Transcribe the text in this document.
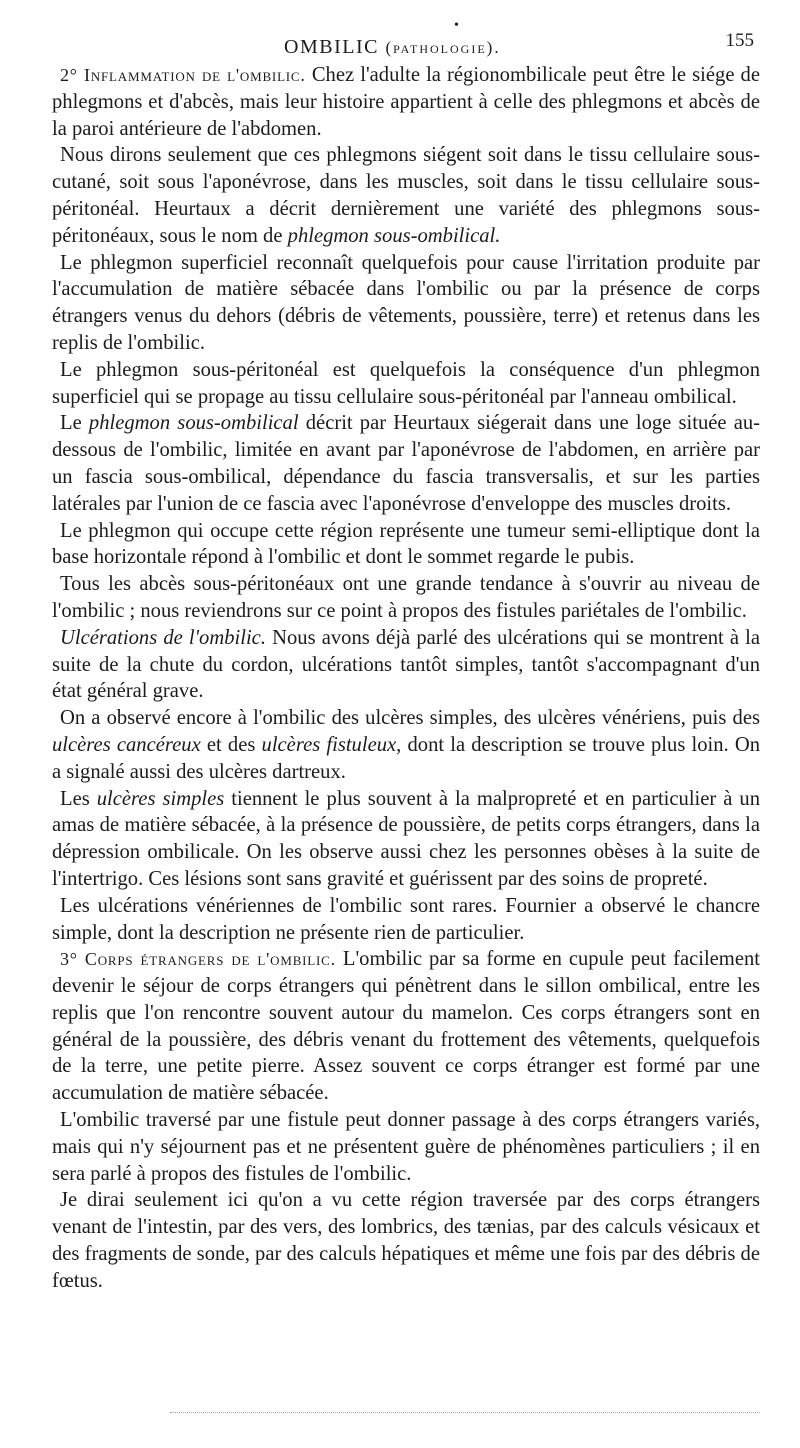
•
OMBILIC (pathologie).	155

2° Inflammation de l'ombilic. Chez l'adulte la régionombilicale peut être le siége de phlegmons et d'abcès, mais leur histoire appartient à celle des phlegmons et abcès de la paroi antérieure de l'abdomen.

Nous dirons seulement que ces phlegmons siégent soit dans le tissu cellulaire sous-cutané, soit sous l'aponévrose, dans les muscles, soit dans le tissu cellulaire sous-péritonéal. Heurtaux a décrit dernièrement une variété des phlegmons sous-péritonéaux, sous le nom de phlegmon sous-ombilical.

Le phlegmon superficiel reconnaît quelquefois pour cause l'irritation produite par l'accumulation de matière sébacée dans l'ombilic ou par la présence de corps étrangers venus du dehors (débris de vêtements, poussière, terre) et retenus dans les replis de l'ombilic.

Le phlegmon sous-péritonéal est quelquefois la conséquence d'un phlegmon superficiel qui se propage au tissu cellulaire sous-péritonéal par l'anneau ombilical.

Le phlegmon sous-ombilical décrit par Heurtaux siégerait dans une loge située au-dessous de l'ombilic, limitée en avant par l'aponévrose de l'abdomen, en arrière par un fascia sous-ombilical, dépendance du fascia transversalis, et sur les parties latérales par l'union de ce fascia avec l'aponévrose d'enveloppe des muscles droits.

Le phlegmon qui occupe cette région représente une tumeur semi-elliptique dont la base horizontale répond à l'ombilic et dont le sommet regarde le pubis.

Tous les abcès sous-péritonéaux ont une grande tendance à s'ouvrir au niveau de l'ombilic ; nous reviendrons sur ce point à propos des fistules pariétales de l'ombilic.

Ulcérations de l'ombilic. Nous avons déjà parlé des ulcérations qui se montrent à la suite de la chute du cordon, ulcérations tantôt simples, tantôt s'accompagnant d'un état général grave.

On a observé encore à l'ombilic des ulcères simples, des ulcères vénériens, puis des ulcères cancéreux et des ulcères fistuleux, dont la description se trouve plus loin. On a signalé aussi des ulcères dartreux.

Les ulcères simples tiennent le plus souvent à la malpropreté et en particulier à un amas de matière sébacée, à la présence de poussière, de petits corps étrangers, dans la dépression ombilicale. On les observe aussi chez les personnes obèses à la suite de l'intertrigo. Ces lésions sont sans gravité et guérissent par des soins de propreté.

Les ulcérations vénériennes de l'ombilic sont rares. Fournier a observé le chancre simple, dont la description ne présente rien de particulier.

3° Corps étrangers de l'ombilic. L'ombilic par sa forme en cupule peut facilement devenir le séjour de corps étrangers qui pénètrent dans le sillon ombilical, entre les replis que l'on rencontre souvent autour du mamelon. Ces corps étrangers sont en général de la poussière, des débris venant du frottement des vêtements, quelquefois de la terre, une petite pierre. Assez souvent ce corps étranger est formé par une accumulation de matière sébacée.

L'ombilic traversé par une fistule peut donner passage à des corps étrangers variés, mais qui n'y séjournent pas et ne présentent guère de phénomènes particuliers ; il en sera parlé à propos des fistules de l'ombilic.

Je dirai seulement ici qu'on a vu cette région traversée par des corps étrangers venant de l'intestin, par des vers, des lombrics, des tænias, par des calculs vésicaux et des fragments de sonde, par des calculs hépatiques et même une fois par des débris de fœtus.
